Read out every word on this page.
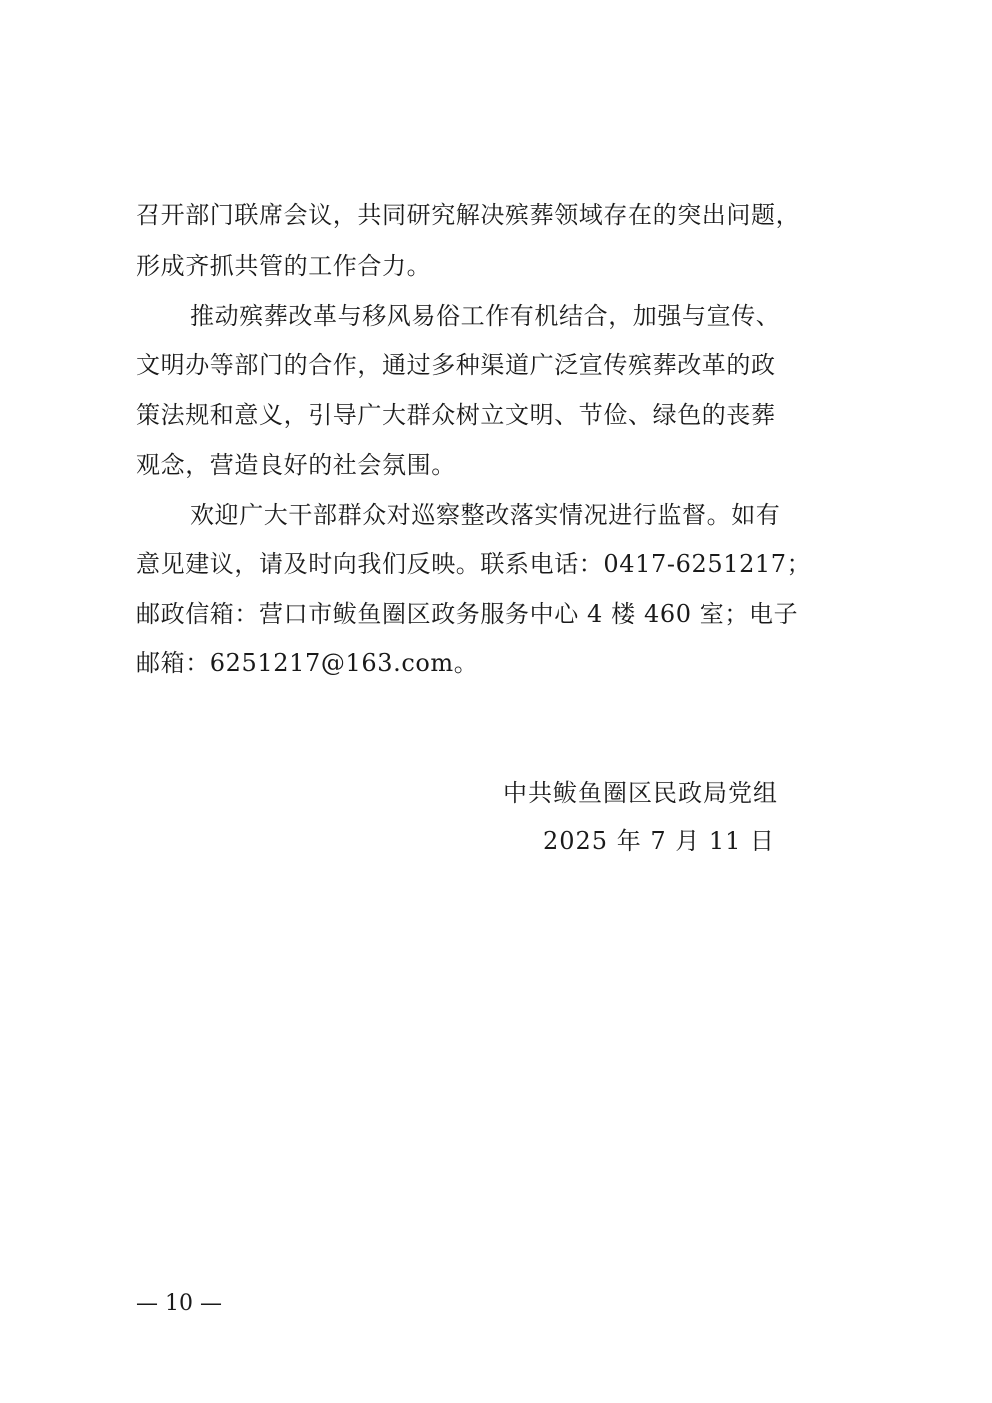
召开部门联席会议，共同研究解决殡葬领域存在的突出问题，
形成齐抓共管的工作合力。
推动殡葬改革与移风易俗工作有机结合，加强与宣传、
文明办等部门的合作，通过多种渠道广泛宣传殡葬改革的政
策法规和意义，引导广大群众树立文明、节俭、绿色的丧葬
观念，营造良好的社会氛围。
欢迎广大干部群众对巡察整改落实情况进行监督。如有
意见建议，请及时向我们反映。联系电话：0417-6251217；
邮政信箱：营口市鲅鱼圈区政务服务中心 4 楼 460 室；电子
邮箱：6251217@163.com。
中共鲅鱼圈区民政局党组
2025 年 7 月 11 日
— 10 —
